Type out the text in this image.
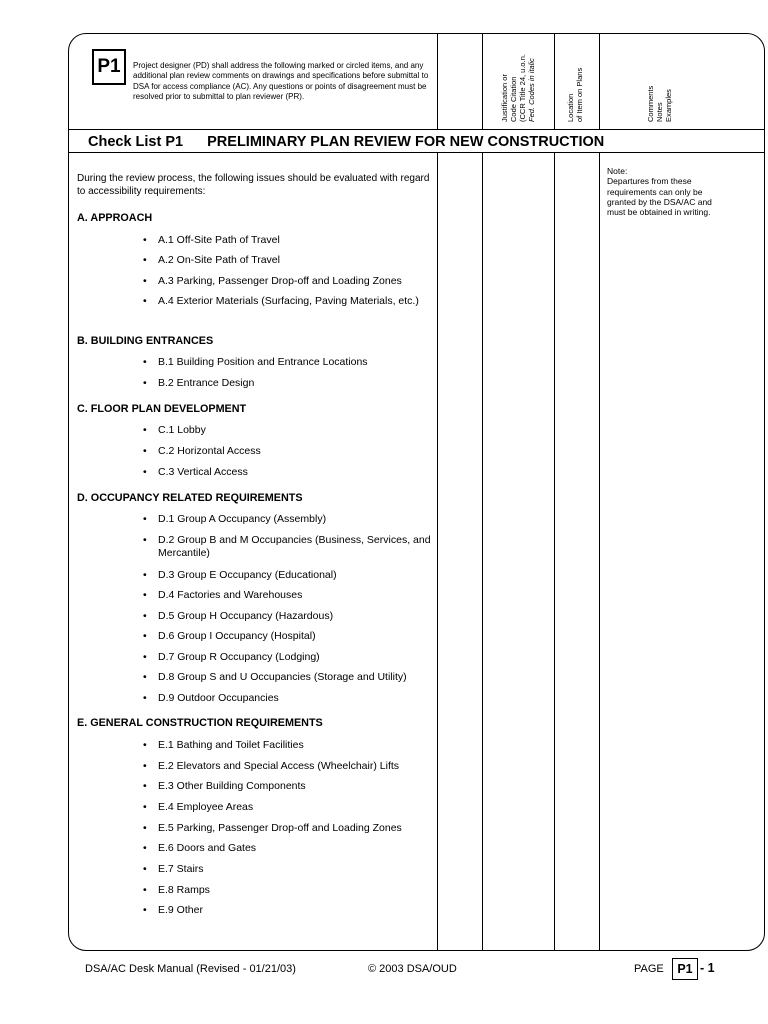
P1	Project designer (PD) shall address the following marked or circled items, and any additional plan review comments on drawings and specifications before submittal to DSA for access compliance (AC). Any questions or points of disagreement must be resolved prior to submittal to plan reviewer (PR).	Justification or Code Citation (CCR Title 24, u.o.n. Fed. Codes in italic	Location of Item on Plans	Comments Notes Examples
Check List P1 PRELIMINARY PLAN REVIEW FOR NEW CONSTRUCTION
During the review process, the following issues should be evaluated with regard to accessibility requirements:
Note:
Departures from these requirements can only be granted by the DSA/AC and must be obtained in writing.
A. APPROACH
• A.1 Off-Site Path of Travel
• A.2 On-Site Path of Travel
• A.3 Parking, Passenger Drop-off and Loading Zones
• A.4 Exterior Materials (Surfacing, Paving Materials, etc.)
B. BUILDING ENTRANCES
• B.1 Building Position and Entrance Locations
• B.2 Entrance Design
C. FLOOR PLAN DEVELOPMENT
• C.1 Lobby
• C.2 Horizontal Access
• C.3 Vertical Access
D. OCCUPANCY RELATED REQUIREMENTS
• D.1 Group A Occupancy (Assembly)
• D.2 Group B and M Occupancies (Business, Services, and Mercantile)
• D.3 Group E Occupancy (Educational)
• D.4 Factories and Warehouses
• D.5 Group H Occupancy (Hazardous)
• D.6 Group I Occupancy (Hospital)
• D.7 Group R Occupancy (Lodging)
• D.8 Group S and U Occupancies (Storage and Utility)
• D.9 Outdoor Occupancies
E. GENERAL CONSTRUCTION REQUIREMENTS
• E.1 Bathing and Toilet Facilities
• E.2 Elevators and Special Access (Wheelchair) Lifts
• E.3 Other Building Components
• E.4 Employee Areas
• E.5 Parking, Passenger Drop-off and Loading Zones
• E.6 Doors and Gates
• E.7 Stairs
• E.8 Ramps
• E.9 Other
DSA/AC Desk Manual (Revised - 01/21/03)	© 2003 DSA/OUD	PAGE	P1 - 1
